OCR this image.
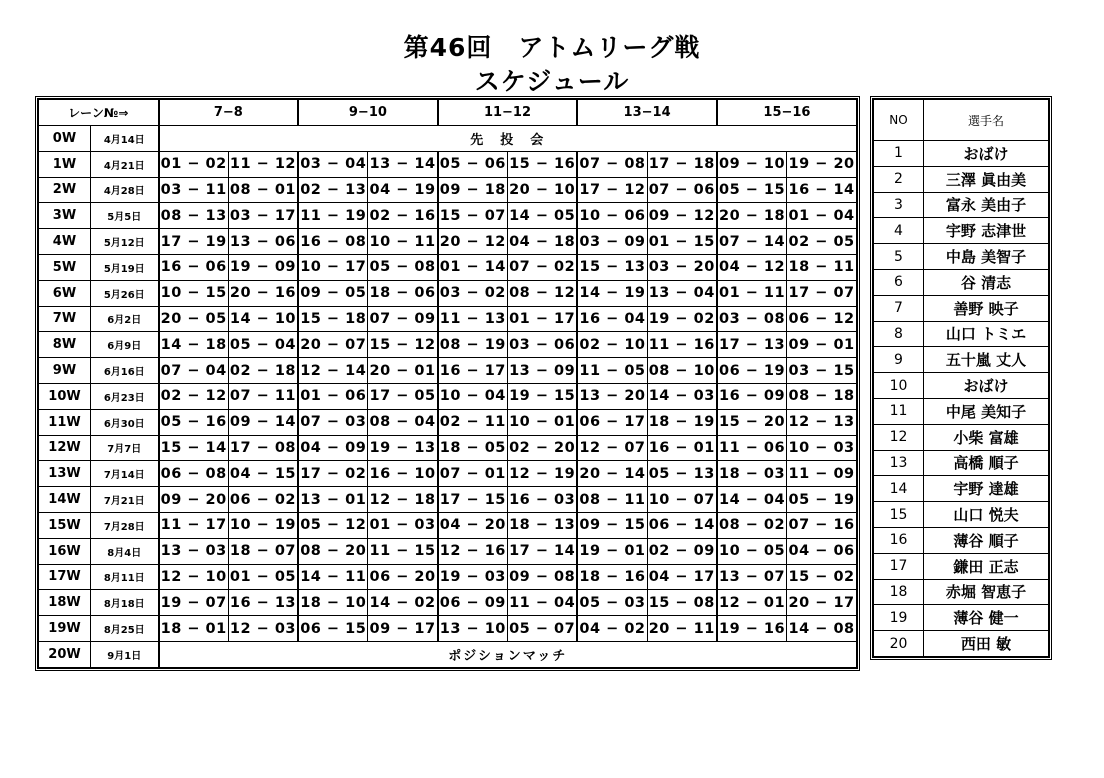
第46回　アトムリーグ戦
スケジュール
レーン№⇒		7−8		9−10		11−12		13−14		15−16	
0W	4月14日	先　投　会									
1W	4月21日	01 − 02	11 − 12	03 − 04	13 − 14	05 − 06	15 − 16	07 − 08	17 − 18	09 − 10	19 − 20
2W	4月28日	03 − 11	08 − 01	02 − 13	04 − 19	09 − 18	20 − 10	17 − 12	07 − 06	05 − 15	16 − 14
3W	5月5日	08 − 13	03 − 17	11 − 19	02 − 16	15 − 07	14 − 05	10 − 06	09 − 12	20 − 18	01 − 04
4W	5月12日	17 − 19	13 − 06	16 − 08	10 − 11	20 − 12	04 − 18	03 − 09	01 − 15	07 − 14	02 − 05
5W	5月19日	16 − 06	19 − 09	10 − 17	05 − 08	01 − 14	07 − 02	15 − 13	03 − 20	04 − 12	18 − 11
6W	5月26日	10 − 15	20 − 16	09 − 05	18 − 06	03 − 02	08 − 12	14 − 19	13 − 04	01 − 11	17 − 07
7W	6月2日	20 − 05	14 − 10	15 − 18	07 − 09	11 − 13	01 − 17	16 − 04	19 − 02	03 − 08	06 − 12
8W	6月9日	14 − 18	05 − 04	20 − 07	15 − 12	08 − 19	03 − 06	02 − 10	11 − 16	17 − 13	09 − 01
9W	6月16日	07 − 04	02 − 18	12 − 14	20 − 01	16 − 17	13 − 09	11 − 05	08 − 10	06 − 19	03 − 15
10W	6月23日	02 − 12	07 − 11	01 − 06	17 − 05	10 − 04	19 − 15	13 − 20	14 − 03	16 − 09	08 − 18
11W	6月30日	05 − 16	09 − 14	07 − 03	08 − 04	02 − 11	10 − 01	06 − 17	18 − 19	15 − 20	12 − 13
12W	7月7日	15 − 14	17 − 08	04 − 09	19 − 13	18 − 05	02 − 20	12 − 07	16 − 01	11 − 06	10 − 03
13W	7月14日	06 − 08	04 − 15	17 − 02	16 − 10	07 − 01	12 − 19	20 − 14	05 − 13	18 − 03	11 − 09
14W	7月21日	09 − 20	06 − 02	13 − 01	12 − 18	17 − 15	16 − 03	08 − 11	10 − 07	14 − 04	05 − 19
15W	7月28日	11 − 17	10 − 19	05 − 12	01 − 03	04 − 20	18 − 13	09 − 15	06 − 14	08 − 02	07 − 16
16W	8月4日	13 − 03	18 − 07	08 − 20	11 − 15	12 − 16	17 − 14	19 − 01	02 − 09	10 − 05	04 − 06
17W	8月11日	12 − 10	01 − 05	14 − 11	06 − 20	19 − 03	09 − 08	18 − 16	04 − 17	13 − 07	15 − 02
18W	8月18日	19 − 07	16 − 13	18 − 10	14 − 02	06 − 09	11 − 04	05 − 03	15 − 08	12 − 01	20 − 17
19W	8月25日	18 − 01	12 − 03	06 − 15	09 − 17	13 − 10	05 − 07	04 − 02	20 − 11	19 − 16	14 − 08
20W	9月1日	ポジションマッチ									
NO	選手名
1	おばけ
2	三澤 眞由美
3	富永 美由子
4	宇野 志津世
5	中島 美智子
6	谷 清志
7	善野 映子
8	山口 トミエ
9	五十嵐 丈人
10	おばけ
11	中尾 美知子
12	小柴 富雄
13	高橋 順子
14	宇野 達雄
15	山口 悦夫
16	薄谷 順子
17	鎌田 正志
18	赤堀 智恵子
19	薄谷 健一
20	西田 敏
